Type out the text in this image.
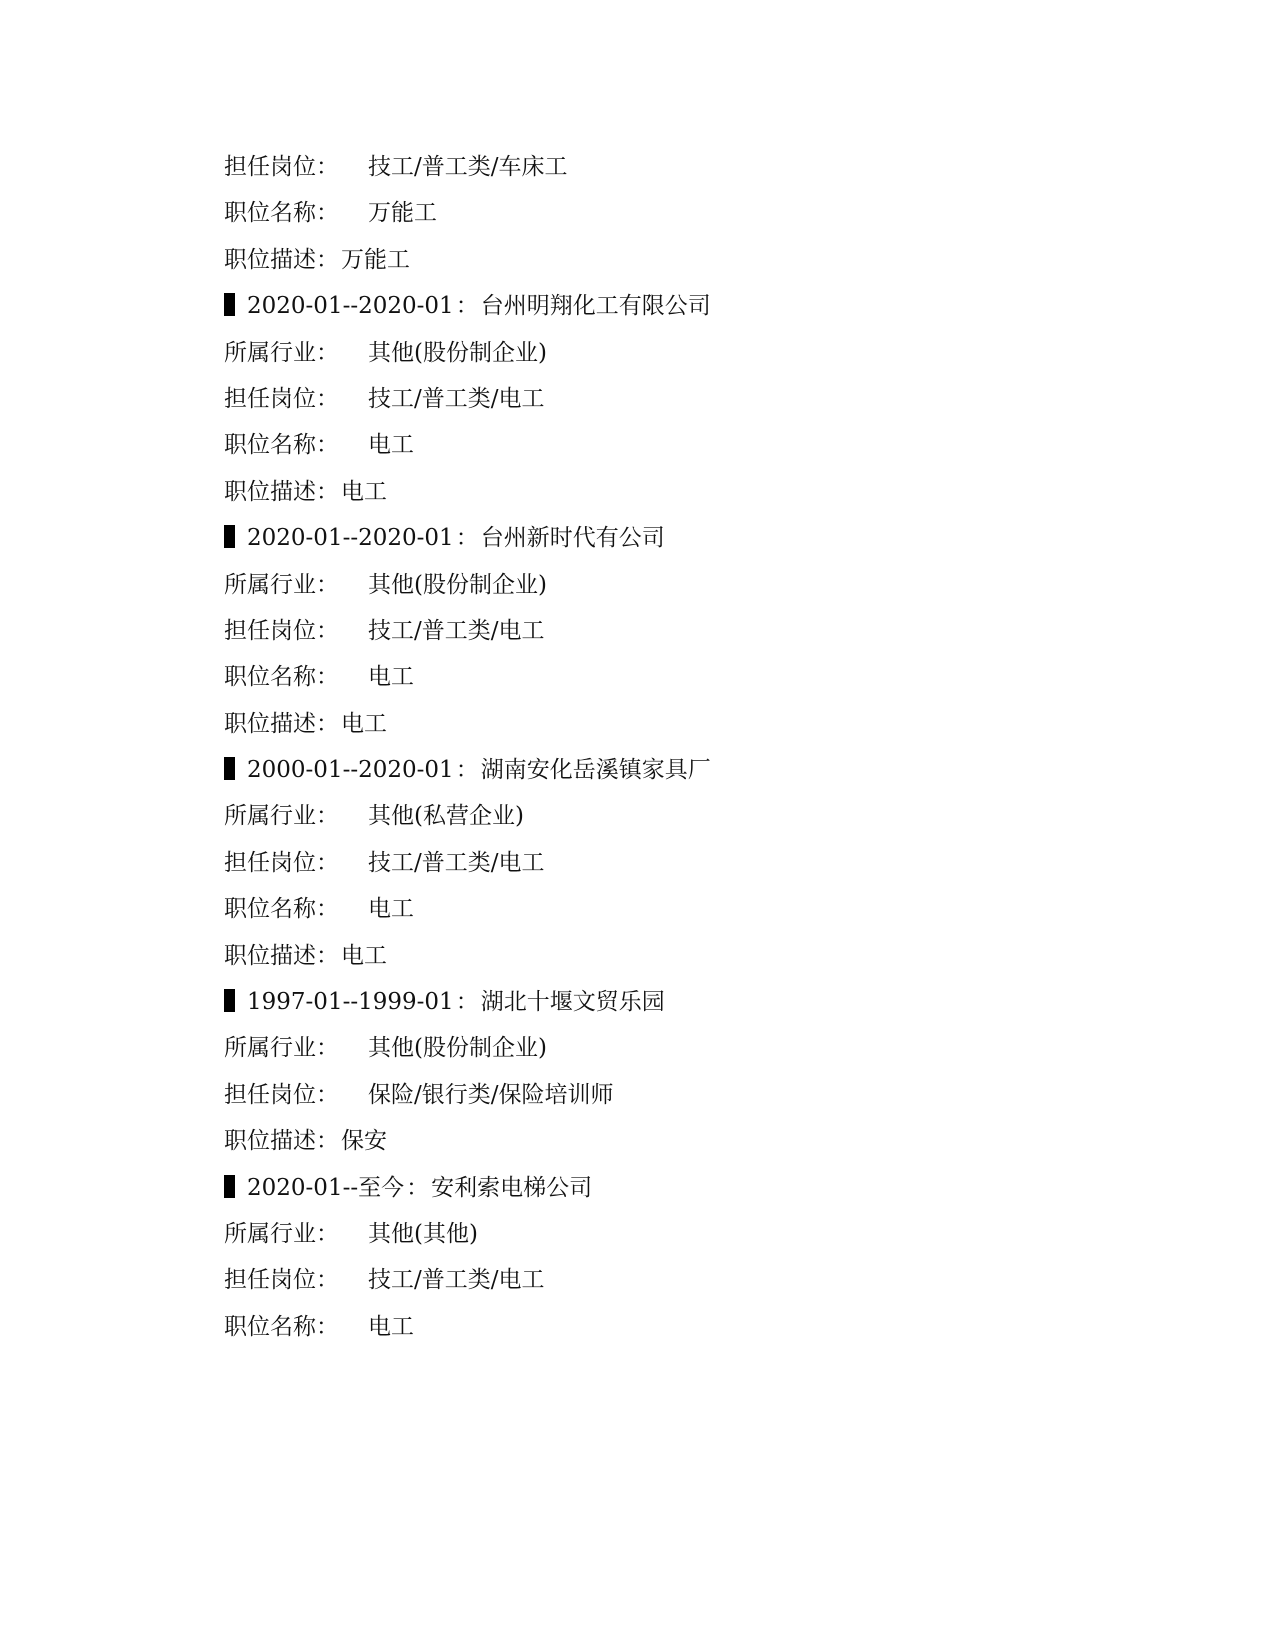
担任岗位： 技工/普工类/车床工
职位名称： 万能工
职位描述：万能工
2020-01--2020-01：台州明翔化工有限公司
所属行业： 其他(股份制企业)
担任岗位： 技工/普工类/电工
职位名称： 电工
职位描述：电工
2020-01--2020-01：台州新时代有公司
所属行业： 其他(股份制企业)
担任岗位： 技工/普工类/电工
职位名称： 电工
职位描述：电工
2000-01--2020-01：湖南安化岳溪镇家具厂
所属行业： 其他(私营企业)
担任岗位： 技工/普工类/电工
职位名称： 电工
职位描述：电工
1997-01--1999-01：湖北十堰文贸乐园
所属行业： 其他(股份制企业)
担任岗位： 保险/银行类/保险培训师
职位描述：保安
2020-01--至今：安利索电梯公司
所属行业： 其他(其他)
担任岗位： 技工/普工类/电工
职位名称： 电工
